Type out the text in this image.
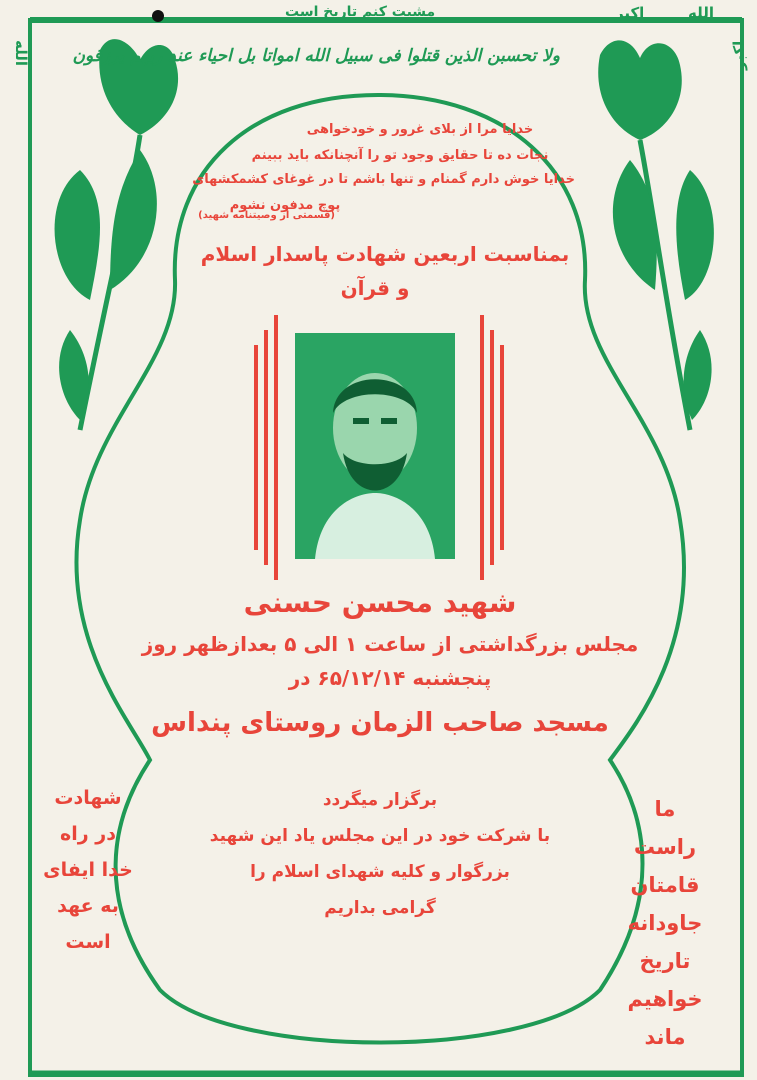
الله
اکبر
مشیت کنم تاریخ است
الله	اکبر
ولا تحسبن الذین قتلوا فی سبیل الله امواتا بل احیاء عند ربهم یرزقون
خدایا مرا از بلای غرور و خودخواهی
نجات ده تا حقایق وجود تو را آنچنانکه باید ببینم
خدایا خوش دارم گمنام و تنها باشم تا در غوغای کشمکشهای
پوچ مدفون نشوم
(قسمتی از وصیتنامه شهید)
بمناسبت اربعین شهادت پاسدار اسلام
و قرآن
شهید محسن حسنی
مجلس بزرگداشتی از ساعت ۱ الی ۵ بعدازظهر روز
پنجشنبه ۶۵/۱۲/۱۴ در
مسجد صاحب الزمان روستای پنداس
برگزار میگردد
با شرکت خود در این مجلس یاد این شهید
بزرگوار و کلیه شهدای اسلام را
گرامی بداریم
شهادت
در راه
خدا ایفای
به عهد
است
ما
راست
قامتان
جاودانه
تاریخ
خواهیم ماند
